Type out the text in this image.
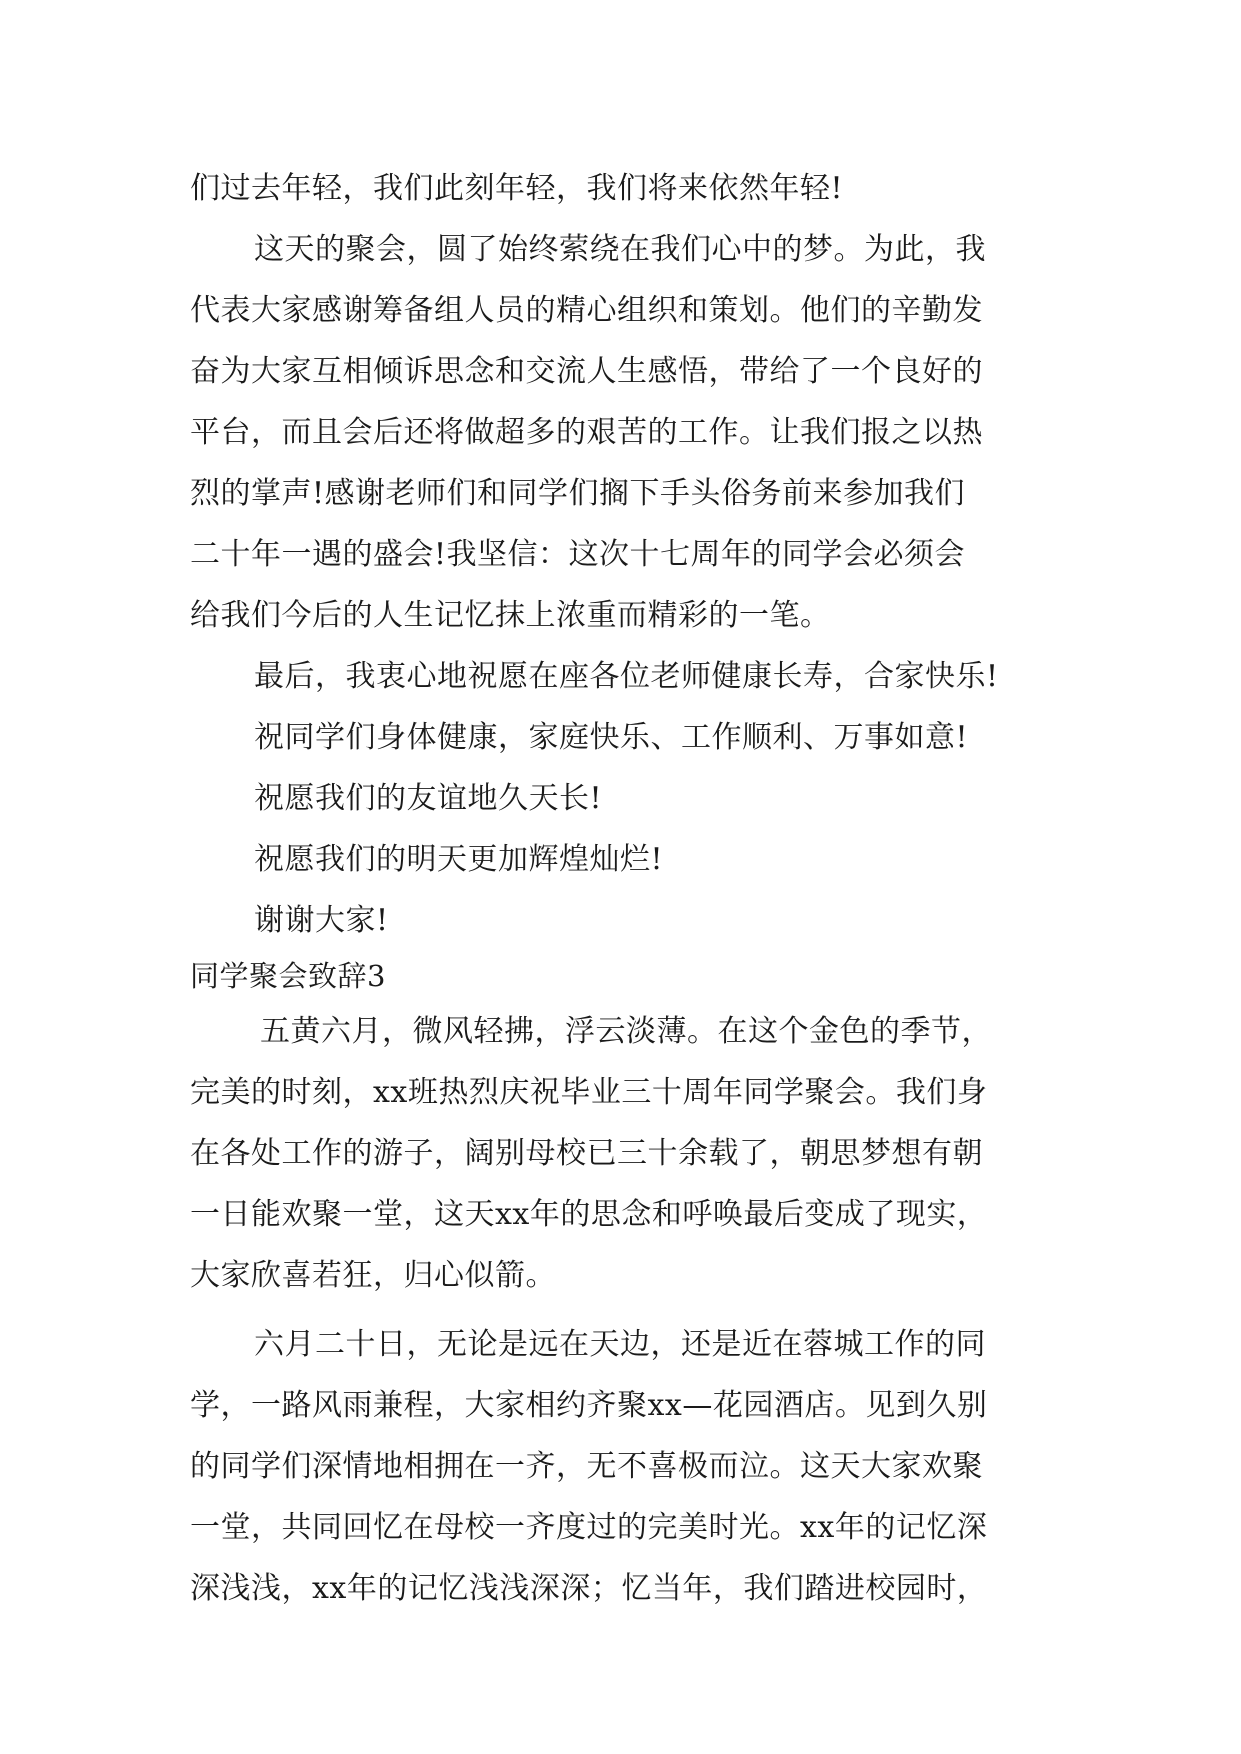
们过去年轻，我们此刻年轻，我们将来依然年轻!
这天的聚会，圆了始终萦绕在我们心中的梦。为此，我
代表大家感谢筹备组人员的精心组织和策划。他们的辛勤发
奋为大家互相倾诉思念和交流人生感悟，带给了一个良好的
平台，而且会后还将做超多的艰苦的工作。让我们报之以热
烈的掌声!感谢老师们和同学们搁下手头俗务前来参加我们
二十年一遇的盛会!我坚信：这次十七周年的同学会必须会
给我们今后的人生记忆抹上浓重而精彩的一笔。
最后，我衷心地祝愿在座各位老师健康长寿，合家快乐!
祝同学们身体健康，家庭快乐、工作顺利、万事如意!
祝愿我们的友谊地久天长!
祝愿我们的明天更加辉煌灿烂!
谢谢大家!
同学聚会致辞3
五黄六月，微风轻拂，浮云淡薄。在这个金色的季节，
完美的时刻，xx班热烈庆祝毕业三十周年同学聚会。我们身
在各处工作的游子，阔别母校已三十余载了，朝思梦想有朝
一日能欢聚一堂，这天xx年的思念和呼唤最后变成了现实，
大家欣喜若狂，归心似箭。
六月二十日，无论是远在天边，还是近在蓉城工作的同
学，一路风雨兼程，大家相约齐聚xx—花园酒店。见到久别
的同学们深情地相拥在一齐，无不喜极而泣。这天大家欢聚
一堂，共同回忆在母校一齐度过的完美时光。xx年的记忆深
深浅浅，xx年的记忆浅浅深深；忆当年，我们踏进校园时，
